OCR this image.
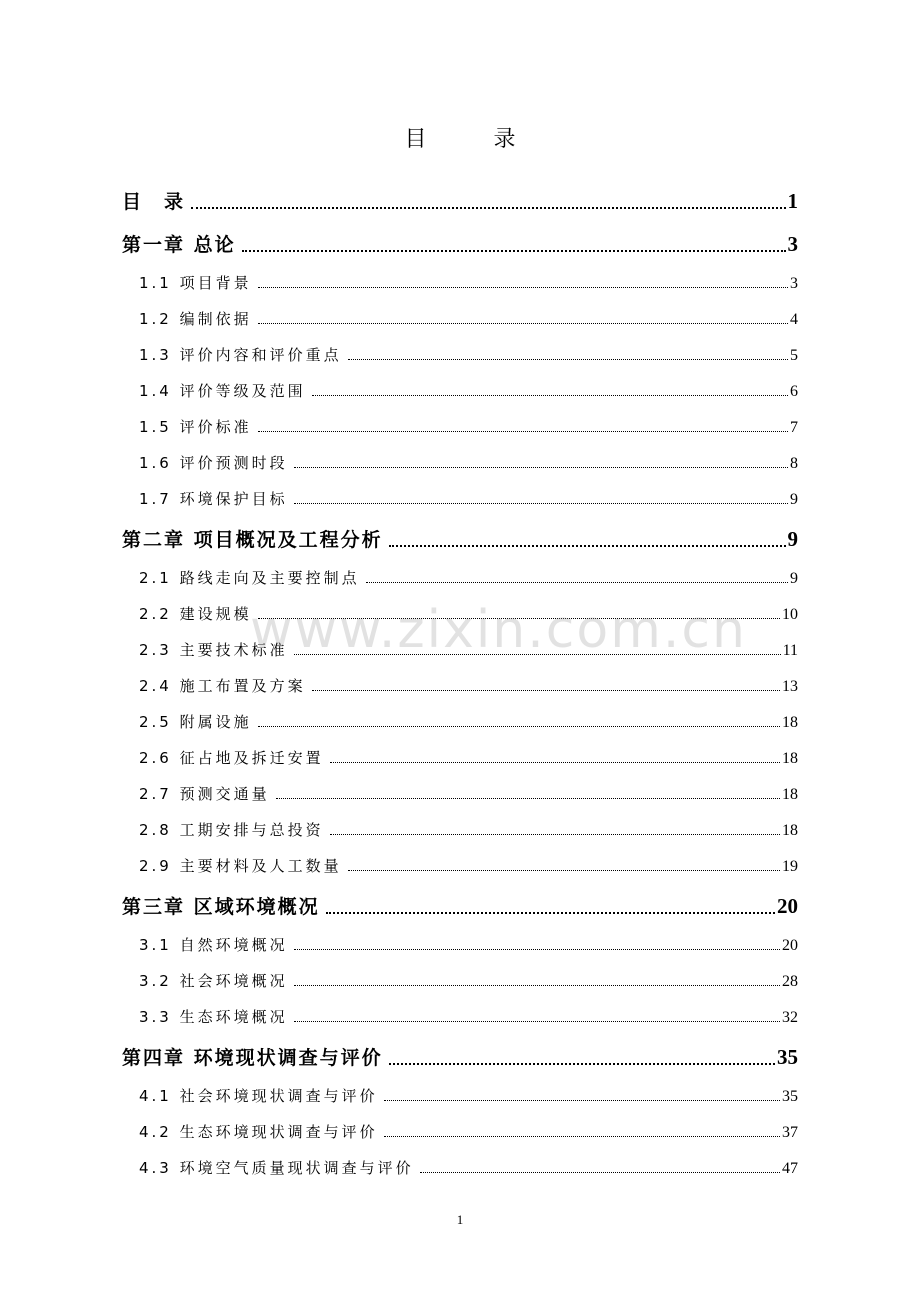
目 录
目　录	1
第一章 总论	3
1.1 项目背景	3
1.2 编制依据	4
1.3 评价内容和评价重点	5
1.4 评价等级及范围	6
1.5 评价标准	7
1.6 评价预测时段	8
1.7 环境保护目标	9
第二章 项目概况及工程分析	9
2.1 路线走向及主要控制点	9
2.2 建设规模	10
2.3 主要技术标准	11
2.4 施工布置及方案	13
2.5 附属设施	18
2.6 征占地及拆迁安置	18
2.7 预测交通量	18
2.8 工期安排与总投资	18
2.9 主要材料及人工数量	19
第三章 区域环境概况	20
3.1 自然环境概况	20
3.2 社会环境概况	28
3.3 生态环境概况	32
第四章 环境现状调查与评价	35
4.1 社会环境现状调查与评价	35
4.2 生态环境现状调查与评价	37
4.3 环境空气质量现状调查与评价	47
www.zixin.com.cn
1
